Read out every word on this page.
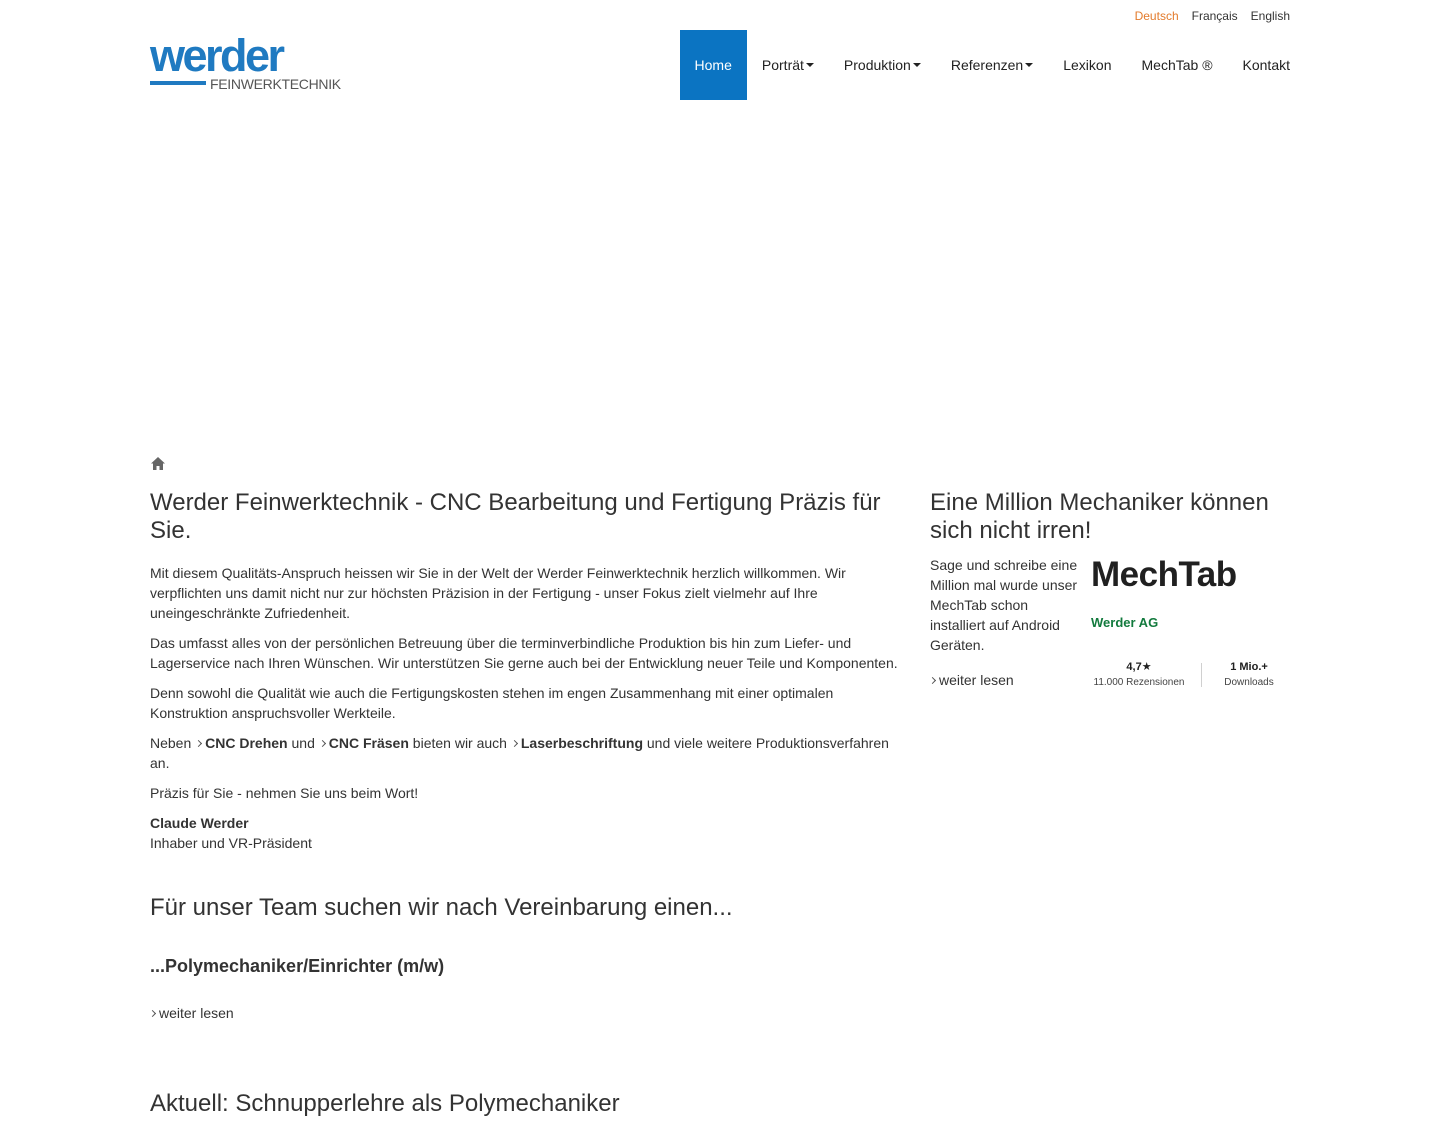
Deutsch Français English
werder
FEINWERKTECHNIK
Home Porträt	Produktion	Referenzen	Lexikon MechTab ® Kontakt
Werder Feinwerktechnik - CNC Bearbeitung und Fertigung Präzis für Sie.

Mit diesem Qualitäts-Anspruch heissen wir Sie in der Welt der Werder Feinwerktechnik herzlich willkommen. Wir verpflichten uns damit nicht nur zur höchsten Präzision in der Fertigung - unser Fokus zielt vielmehr auf Ihre uneingeschränkte Zufriedenheit.

Das umfasst alles von der persönlichen Betreuung über die terminverbindliche Produktion bis hin zum Liefer- und Lagerservice nach Ihren Wünschen. Wir unterstützen Sie gerne auch bei der Entwicklung neuer Teile und Komponenten.

Denn sowohl die Qualität wie auch die Fertigungskosten stehen im engen Zusammenhang mit einer optimalen Konstruktion anspruchsvoller Werkteile.

Neben CNC Drehen und CNC Fräsen bieten wir auch Laserbeschriftung und viele weitere Produktionsverfahren an.

Präzis für Sie - nehmen Sie uns beim Wort!

Claude Werder
Inhaber und VR-Präsident
Eine Million Mechaniker können sich nicht irren!
Sage und schreibe eine Million mal wurde unser MechTab schon installiert auf Android Geräten.
weiter lesen
MechTab
Werder AG
4,7★
11.000 Rezensionen
1 Mio.+
Downloads
Für unser Team suchen wir nach Vereinbarung einen...
...Polymechaniker/Einrichter (m/w)
weiter lesen
Aktuell: Schnupperlehre als Polymechaniker
